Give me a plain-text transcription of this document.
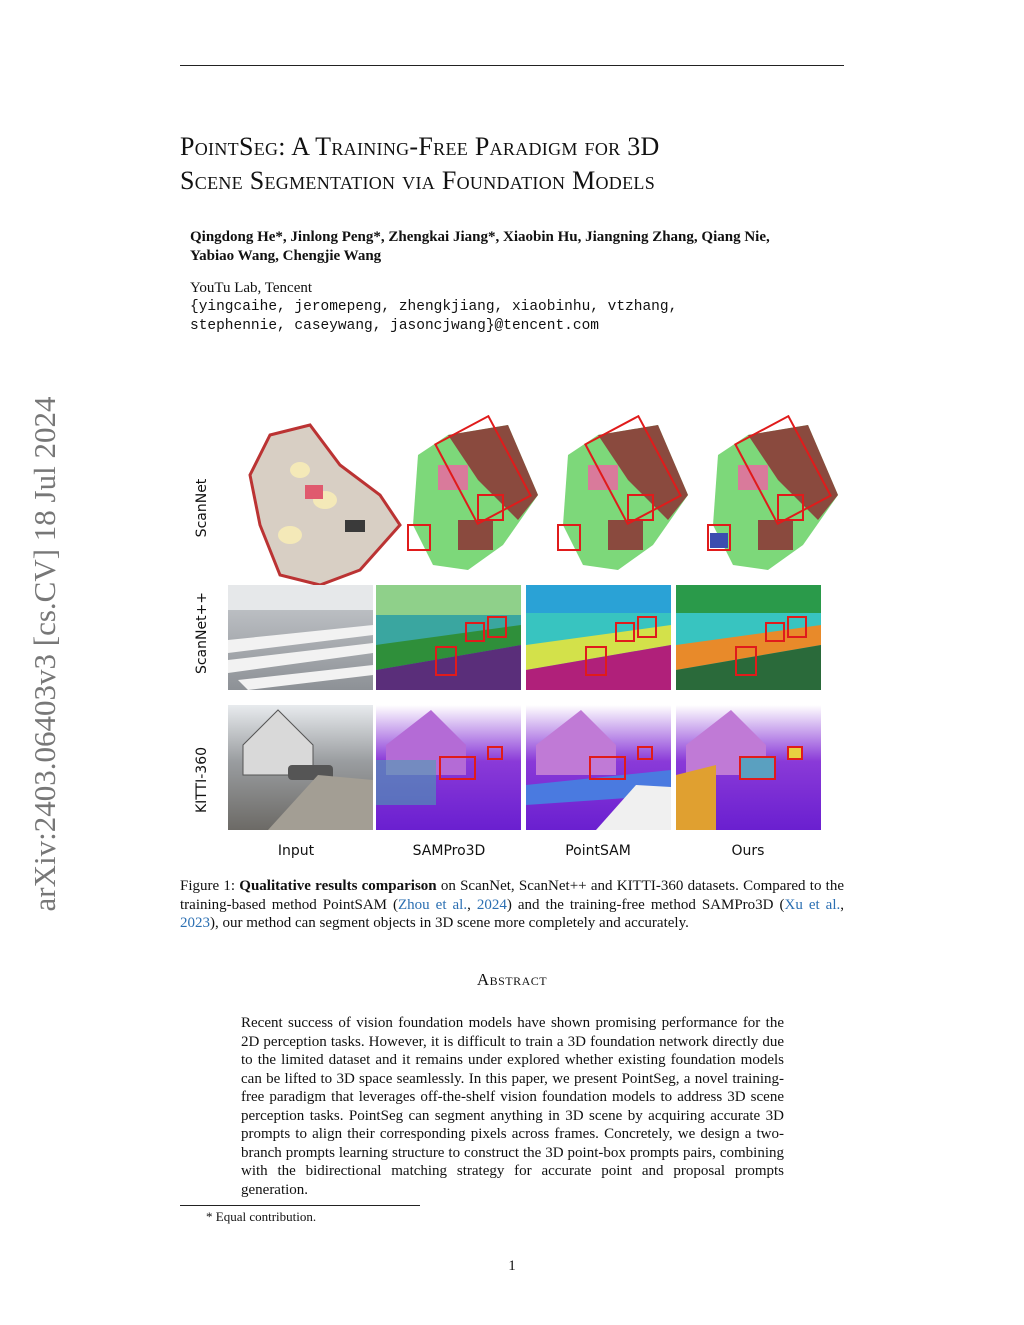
arXiv:2403.06403v3 [cs.CV] 18 Jul 2024
PointSeg: A Training-Free Paradigm for 3D
Scene Segmentation via Foundation Models
Qingdong He*, Jinlong Peng*, Zhengkai Jiang*, Xiaobin Hu, Jiangning Zhang, Qiang Nie,
Yabiao Wang, Chengjie Wang
YouTu Lab, Tencent
{yingcaihe, jeromepeng, zhengkjiang, xiaobinhu, vtzhang,
stephennie, caseywang, jasoncjwang}@tencent.com
ScanNet
ScanNet++
KITTI-360
Input	SAMPro3D	PointSAM	Ours
Figure 1: Qualitative results comparison on ScanNet, ScanNet++ and KITTI-360 datasets. Compared to the training-based method PointSAM (Zhou et al., 2024) and the training-free method SAMPro3D (Xu et al., 2023), our method can segment objects in 3D scene more completely and accurately.
Abstract
Recent success of vision foundation models have shown promising performance for the 2D perception tasks. However, it is difficult to train a 3D foundation network directly due to the limited dataset and it remains under explored whether existing foundation models can be lifted to 3D space seamlessly. In this paper, we present PointSeg, a novel training-free paradigm that leverages off-the-shelf vision foundation models to address 3D scene perception tasks. PointSeg can segment anything in 3D scene by acquiring accurate 3D prompts to align their corresponding pixels across frames. Concretely, we design a two-branch prompts learning structure to construct the 3D point-box prompts pairs, combining with the bidirectional matching strategy for accurate point and proposal prompts generation.
* Equal contribution.
1
